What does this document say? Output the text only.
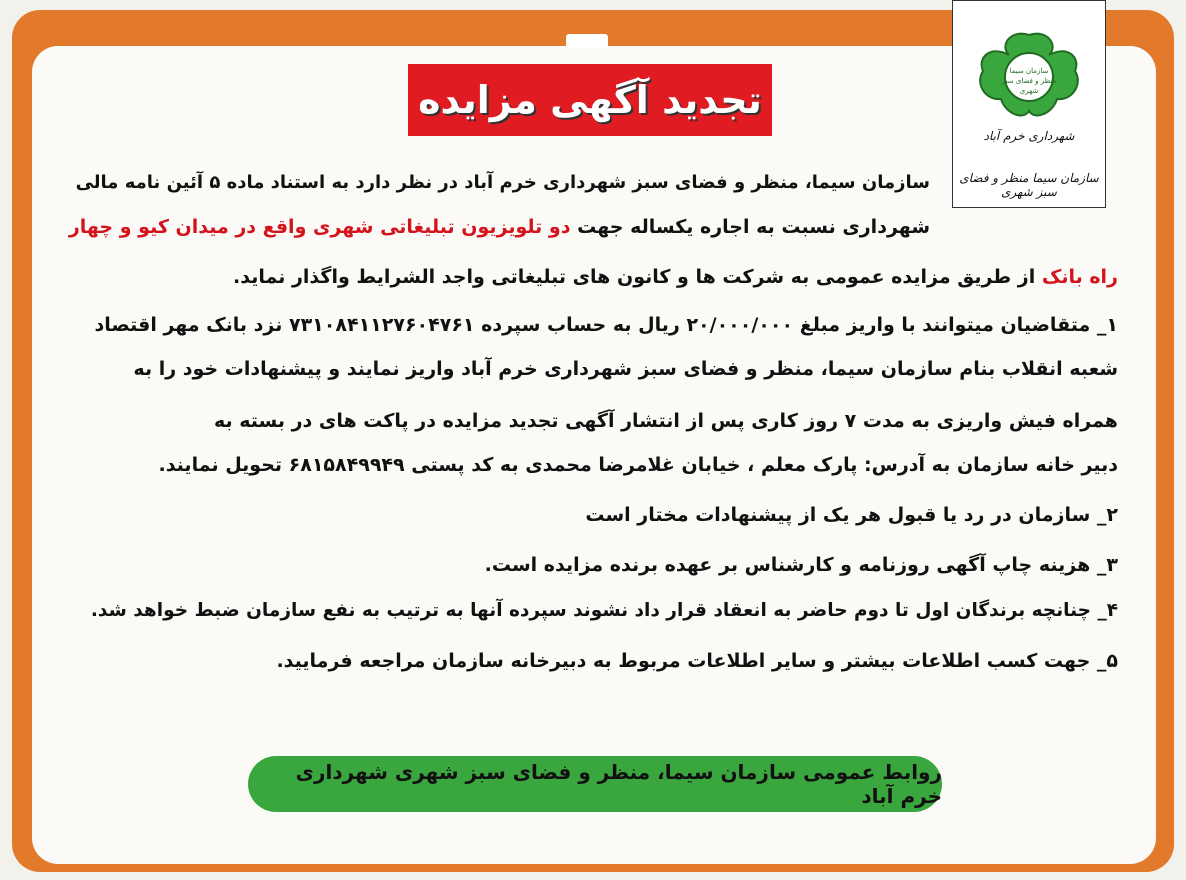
سازمان سیما
منظر و فضای سبز
شهری
شهرداری خرم آباد
سازمان سیما منظر و فضای سبز شهری
تجدید آگهی مزایده
سازمان سیما، منظر و فضای سبز شهرداری خرم آباد در نظر دارد به استناد ماده ۵ آئین نامه مالی
شهرداری نسبت به اجاره یکساله جهت دو تلویزیون تبلیغاتی شهری واقع در میدان کیو و چهار
راه بانک از طریق مزایده عمومی به شرکت ها و کانون های تبلیغاتی واجد الشرایط واگذار نماید.
۱_ متقاضیان میتوانند با واریز مبلغ ۲۰/۰۰۰/۰۰۰ ریال به حساب سپرده ۷۳۱۰۸۴۱۱۲۷۶۰۴۷۶۱ نزد بانک مهر اقتصاد
شعبه انقلاب بنام سازمان سیما، منظر و فضای سبز شهرداری خرم آباد واریز نمایند و پیشنهادات خود را به
همراه فیش واریزی به مدت ۷ روز کاری پس از انتشار آگهی تجدید مزایده در پاکت های در بسته به
دبیر خانه سازمان به آدرس: پارک معلم ، خیابان غلامرضا محمدی به کد پستی ۶۸۱۵۸۴۹۹۴۹ تحویل نمایند.
۲_ سازمان در رد یا قبول هر یک از پیشنهادات مختار است
۳_ هزینه چاپ آگهی روزنامه و کارشناس بر عهده برنده مزایده است.
۴_ چنانچه برندگان اول تا دوم حاضر به انعقاد قرار داد نشوند سپرده آنها به ترتیب به نفع سازمان ضبط خواهد شد.
۵_ جهت کسب اطلاعات بیشتر و سایر اطلاعات مربوط به دبیرخانه سازمان مراجعه فرمایید.
روابط عمومی سازمان سیما، منظر و فضای سبز شهری شهرداری خرم آباد
